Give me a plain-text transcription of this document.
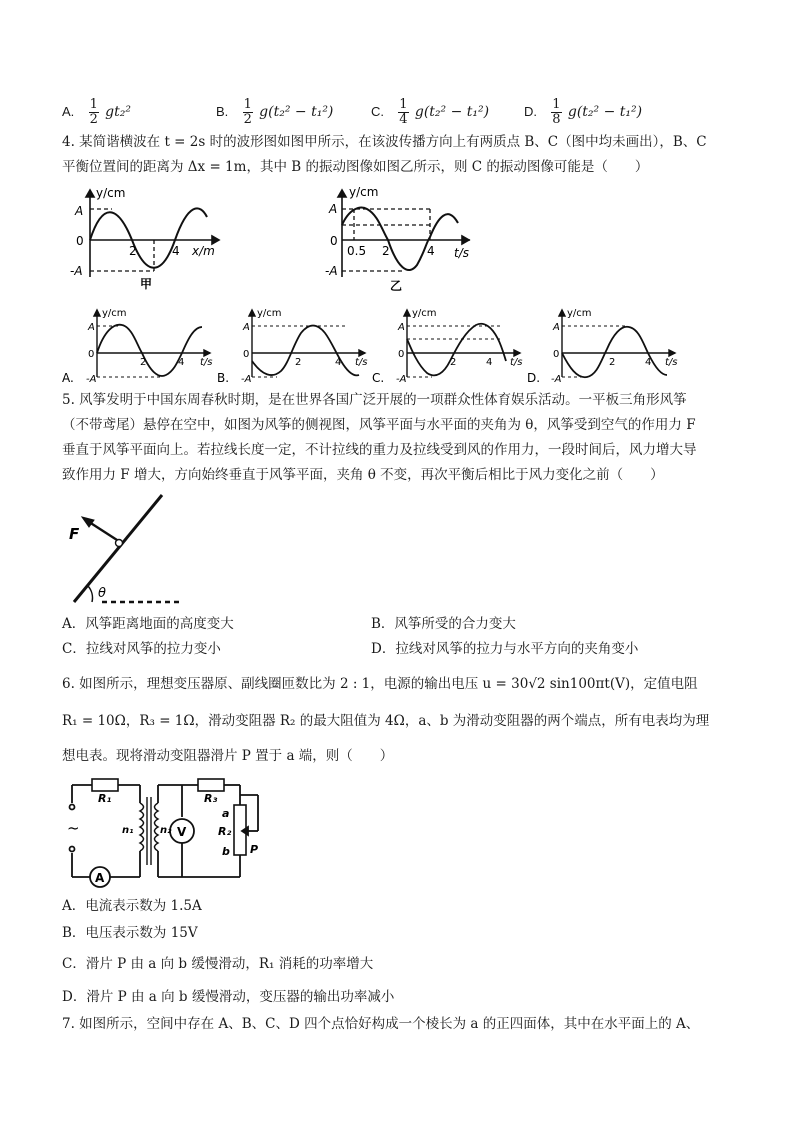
A. $\frac{1}{2} gt_2^2$	B. $\frac{1}{2} g(t_2^2 - t_1^2)$	C. $\frac{1}{4} g(t_2^2 - t_1^2)$	D. $\frac{1}{8} g(t_2^2 - t_1^2)$
4. 某简谐横波在 t = 2s 时的波形图如图甲所示，在该波传播方向上有两质点 B、C（图中均未画出），B、C
平衡位置间的距离为 Δx = 1m，其中 B 的振动图像如图乙所示，则 C 的振动图像可能是（　　）
y/cm
A
0
-A
2	4 x/m
甲
y/cm
A
0
-A
0.5 2	4 t/s
乙
y/cm
A
0
2	4 t/s
A. -A
y/cm
A
0
2	4 t/s
B. -A
y/cm
A
0
2	4 t/s
C. -A
y/cm
A
0
2	4 t/s
D. -A
5. 风筝发明于中国东周春秋时期，是在世界各国广泛开展的一项群众性体育娱乐活动。一平板三角形风筝
（不带鸢尾）悬停在空中，如图为风筝的侧视图，风筝平面与水平面的夹角为 θ，风筝受到空气的作用力 F
垂直于风筝平面向上。若拉线长度一定，不计拉线的重力及拉线受到风的作用力，一段时间后，风力增大导
致作用力 F 增大，方向始终垂直于风筝平面，夹角 θ 不变，再次平衡后相比于风力变化之前（　　）
F
θ
A．风筝距离地面的高度变大	B．风筝所受的合力变大
C．拉线对风筝的拉力变小	D．拉线对风筝的拉力与水平方向的夹角变小
6. 如图所示，理想变压器原、副线圈匝数比为 2 : 1，电源的输出电压 u = 30√2 sin100πt(V)，定值电阻
R₁ = 10Ω，R₃ = 1Ω，滑动变阻器 R₂ 的最大阻值为 4Ω，a、b 为滑动变阻器的两个端点，所有电表均为理
想电表。现将滑动变阻器滑片 P 置于 a 端，则（　　）
R₁
n₁	n₂
R₃
V
A
~
a
R₂
b P
A．电流表示数为 1.5A
B．电压表示数为 15V
C．滑片 P 由 a 向 b 缓慢滑动，R₁ 消耗的功率增大
D．滑片 P 由 a 向 b 缓慢滑动，变压器的输出功率减小
7. 如图所示，空间中存在 A、B、C、D 四个点恰好构成一个棱长为 a 的正四面体，其中在水平面上的 A、
